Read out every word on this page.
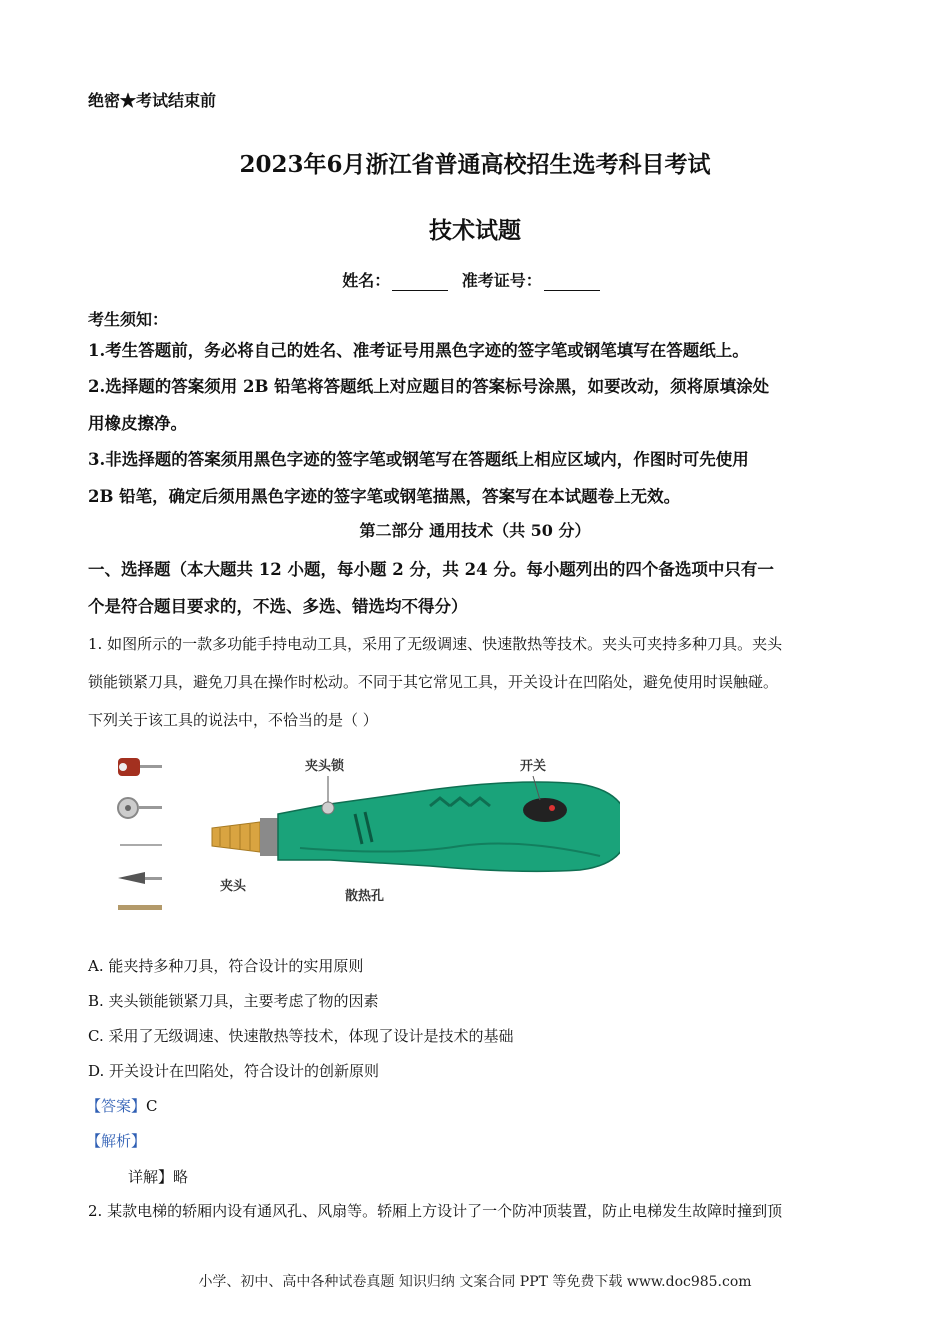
绝密★考试结束前
2023年6月浙江省普通高校招生选考科目考试
技术试题
姓名：	准考证号：
考生须知：
1.考生答题前，务必将自己的姓名、准考证号用黑色字迹的签字笔或钢笔填写在答题纸上。
2.选择题的答案须用 2B 铅笔将答题纸上对应题目的答案标号涂黑，如要改动，须将原填涂处
用橡皮擦净。
3.非选择题的答案须用黑色字迹的签字笔或钢笔写在答题纸上相应区域内，作图时可先使用
2B 铅笔，确定后须用黑色字迹的签字笔或钢笔描黑，答案写在本试题卷上无效。
第二部分 通用技术（共 50 分）
一、选择题（本大题共 12 小题，每小题 2 分，共 24 分。每小题列出的四个备选项中只有一
个是符合题目要求的，不选、多选、错选均不得分）
1. 如图所示的一款多功能手持电动工具，采用了无级调速、快速散热等技术。夹头可夹持多种刀具。夹头
锁能锁紧刀具，避免刀具在操作时松动。不同于其它常见工具，开关设计在凹陷处，避免使用时误触碰。
下列关于该工具的说法中，· · · 不恰当的是（ ）
夹头锁	开关
夹头
散热孔
A. 能夹持多种刀具，符合设计的实用原则
B. 夹头锁能锁紧刀具，主要考虑了物的因素
C. 采用了无级调速、快速散热等技术，体现了设计是技术的基础
D. 开关设计在凹陷处，符合设计的创新原则
【答案】C
【解析】
详解】略
2. 某款电梯的轿厢内设有通风孔、风扇等。轿厢上方设计了一个防冲顶装置，防止电梯发生故障时撞到顶
小学、初中、高中各种试卷真题 知识归纳 文案合同 PPT 等免费下载 www.doc985.com
